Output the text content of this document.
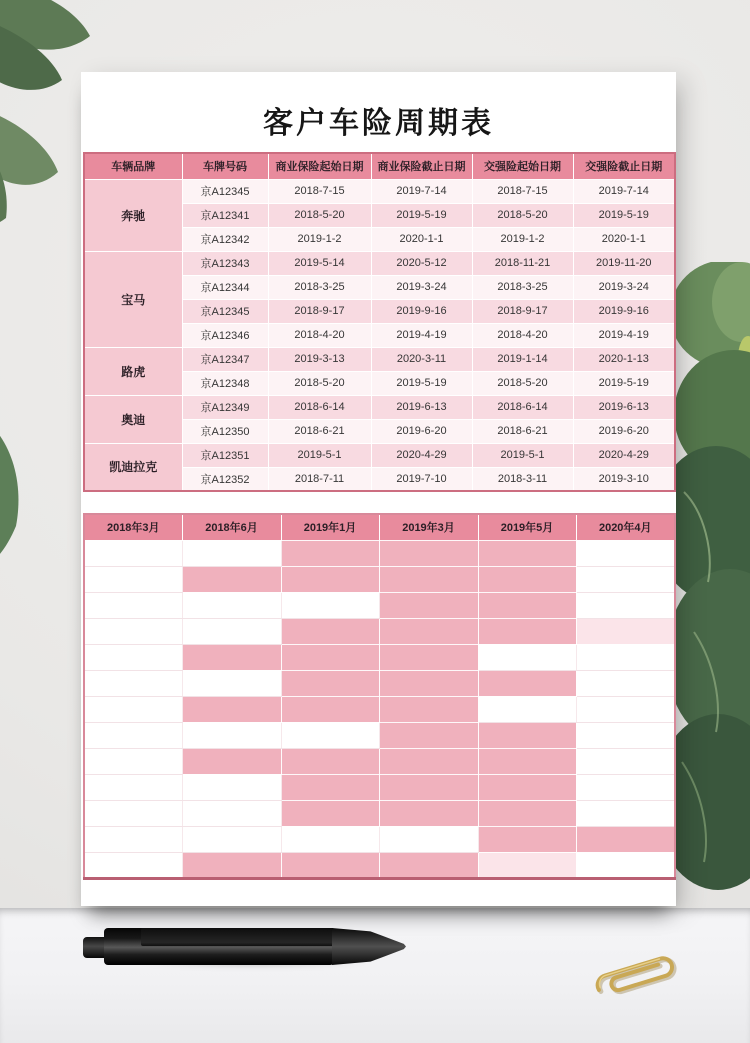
客户车险周期表
车辆品牌	车牌号码	商业保险起始日期	商业保险截止日期	交强险起始日期	交强险截止日期
奔驰	京A12345	2018-7-15	2019-7-14	2018-7-15	2019-7-14
	京A12341	2018-5-20	2019-5-19	2018-5-20	2019-5-19
	京A12342	2019-1-2	2020-1-1	2019-1-2	2020-1-1
宝马	京A12343	2019-5-14	2020-5-12	2018-11-21	2019-11-20
	京A12344	2018-3-25	2019-3-24	2018-3-25	2019-3-24
	京A12345	2018-9-17	2019-9-16	2018-9-17	2019-9-16
	京A12346	2018-4-20	2019-4-19	2018-4-20	2019-4-19
路虎	京A12347	2019-3-13	2020-3-11	2019-1-14	2020-1-13
	京A12348	2018-5-20	2019-5-19	2018-5-20	2019-5-19
奥迪	京A12349	2018-6-14	2019-6-13	2018-6-14	2019-6-13
	京A12350	2018-6-21	2019-6-20	2018-6-21	2019-6-20
凯迪拉克	京A12351	2019-5-1	2020-4-29	2019-5-1	2020-4-29
	京A12352	2018-7-11	2019-7-10	2018-3-11	2019-3-10
2018年3月	2018年6月	2019年1月	2019年3月	2019年5月	2020年4月
